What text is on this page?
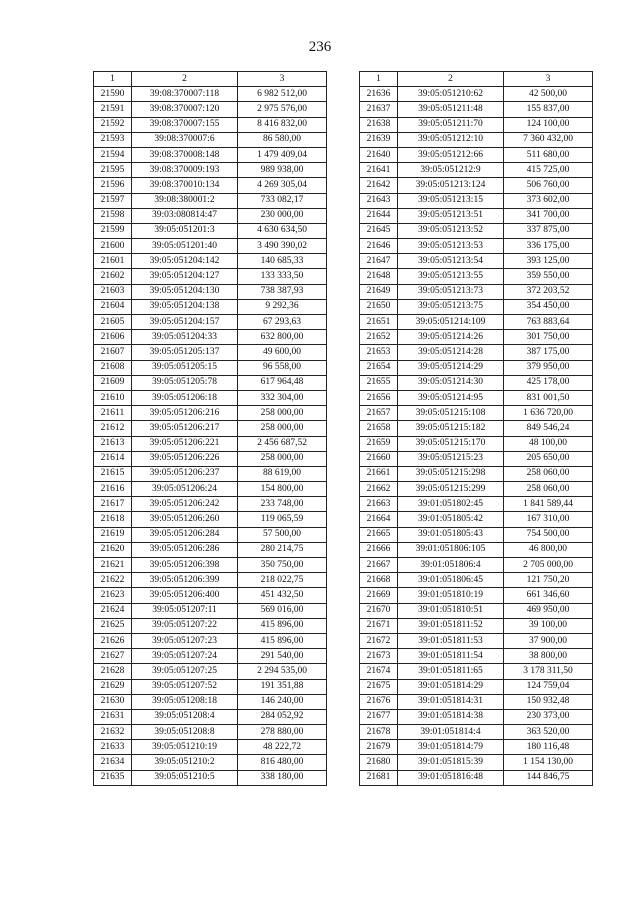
236
1	2	3
21590	39:08:370007:118	6 982 512,00
21591	39:08:370007:120	2 975 576,00
21592	39:08:370007:155	8 416 832,00
21593	39:08:370007:6	86 580,00
21594	39:08:370008:148	1 479 409,04
21595	39:08:370009:193	989 938,00
21596	39:08:370010:134	4 269 305,04
21597	39:08:380001:2	733 082,17
21598	39:03:080814:47	230 000,00
21599	39:05:051201:3	4 630 634,50
21600	39:05:051201:40	3 490 390,02
21601	39:05:051204:142	140 685,33
21602	39:05:051204:127	133 333,50
21603	39:05:051204:130	738 387,93
21604	39:05:051204:138	9 292,36
21605	39:05:051204:157	67 293,63
21606	39:05:051204:33	632 800,00
21607	39:05:051205:137	49 600,00
21608	39:05:051205:15	96 558,00
21609	39:05:051205:78	617 964,48
21610	39:05:051206:18	332 304,00
21611	39:05:051206:216	258 000,00
21612	39:05:051206:217	258 000,00
21613	39:05:051206:221	2 456 687,52
21614	39:05:051206:226	258 000,00
21615	39:05:051206:237	88 619,00
21616	39:05:051206:24	154 800,00
21617	39:05:051206:242	233 748,00
21618	39:05:051206:260	119 065,59
21619	39:05:051206:284	57 500,00
21620	39:05:051206:286	280 214,75
21621	39:05:051206:398	350 750,00
21622	39:05:051206:399	218 022,75
21623	39:05:051206:400	451 432,50
21624	39:05:051207:11	569 016,00
21625	39:05:051207:22	415 896,00
21626	39:05:051207:23	415 896,00
21627	39:05:051207:24	291 540,00
21628	39:05:051207:25	2 294 535,00
21629	39:05:051207:52	191 351,88
21630	39:05:051208:18	146 240,00
21631	39:05:051208:4	284 052,92
21632	39:05:051208:8	278 880,00
21633	39:05:051210:19	48 222,72
21634	39:05:051210:2	816 480,00
21635	39:05:051210:5	338 180,00
1	2	3
21636	39:05:051210:62	42 500,00
21637	39:05:051211:48	155 837,00
21638	39:05:051211:70	124 100,00
21639	39:05:051212:10	7 360 432,00
21640	39:05:051212:66	511 680,00
21641	39:05:051212:9	415 725,00
21642	39:05:051213:124	506 760,00
21643	39:05:051213:15	373 602,00
21644	39:05:051213:51	341 700,00
21645	39:05:051213:52	337 875,00
21646	39:05:051213:53	336 175,00
21647	39:05:051213:54	393 125,00
21648	39:05:051213:55	359 550,00
21649	39:05:051213:73	372 203,52
21650	39:05:051213:75	354 450,00
21651	39:05:051214:109	763 883,64
21652	39:05:051214:26	301 750,00
21653	39:05:051214:28	387 175,00
21654	39:05:051214:29	379 950,00
21655	39:05:051214:30	425 178,00
21656	39:05:051214:95	831 001,50
21657	39:05:051215:108	1 636 720,00
21658	39:05:051215:182	849 546,24
21659	39:05:051215:170	48 100,00
21660	39:05:051215:23	205 650,00
21661	39:05:051215:298	258 060,00
21662	39:05:051215:299	258 060,00
21663	39:01:051802:45	1 841 589,44
21664	39:01:051805:42	167 310,00
21665	39:01:051805:43	754 500,00
21666	39:01:051806:105	46 800,00
21667	39:01:051806:4	2 705 000,00
21668	39:01:051806:45	121 750,20
21669	39:01:051810:19	661 346,60
21670	39:01:051810:51	469 950,00
21671	39:01:051811:52	39 100,00
21672	39:01:051811:53	37 900,00
21673	39:01:051811:54	38 800,00
21674	39:01:051811:65	3 178 311,50
21675	39:01:051814:29	124 759,04
21676	39:01:051814:31	150 932,48
21677	39:01:051814:38	230 373,00
21678	39:01:051814:4	363 520,00
21679	39:01:051814:79	180 116,48
21680	39:01:051815:39	1 154 130,00
21681	39:01:051816:48	144 846,75
